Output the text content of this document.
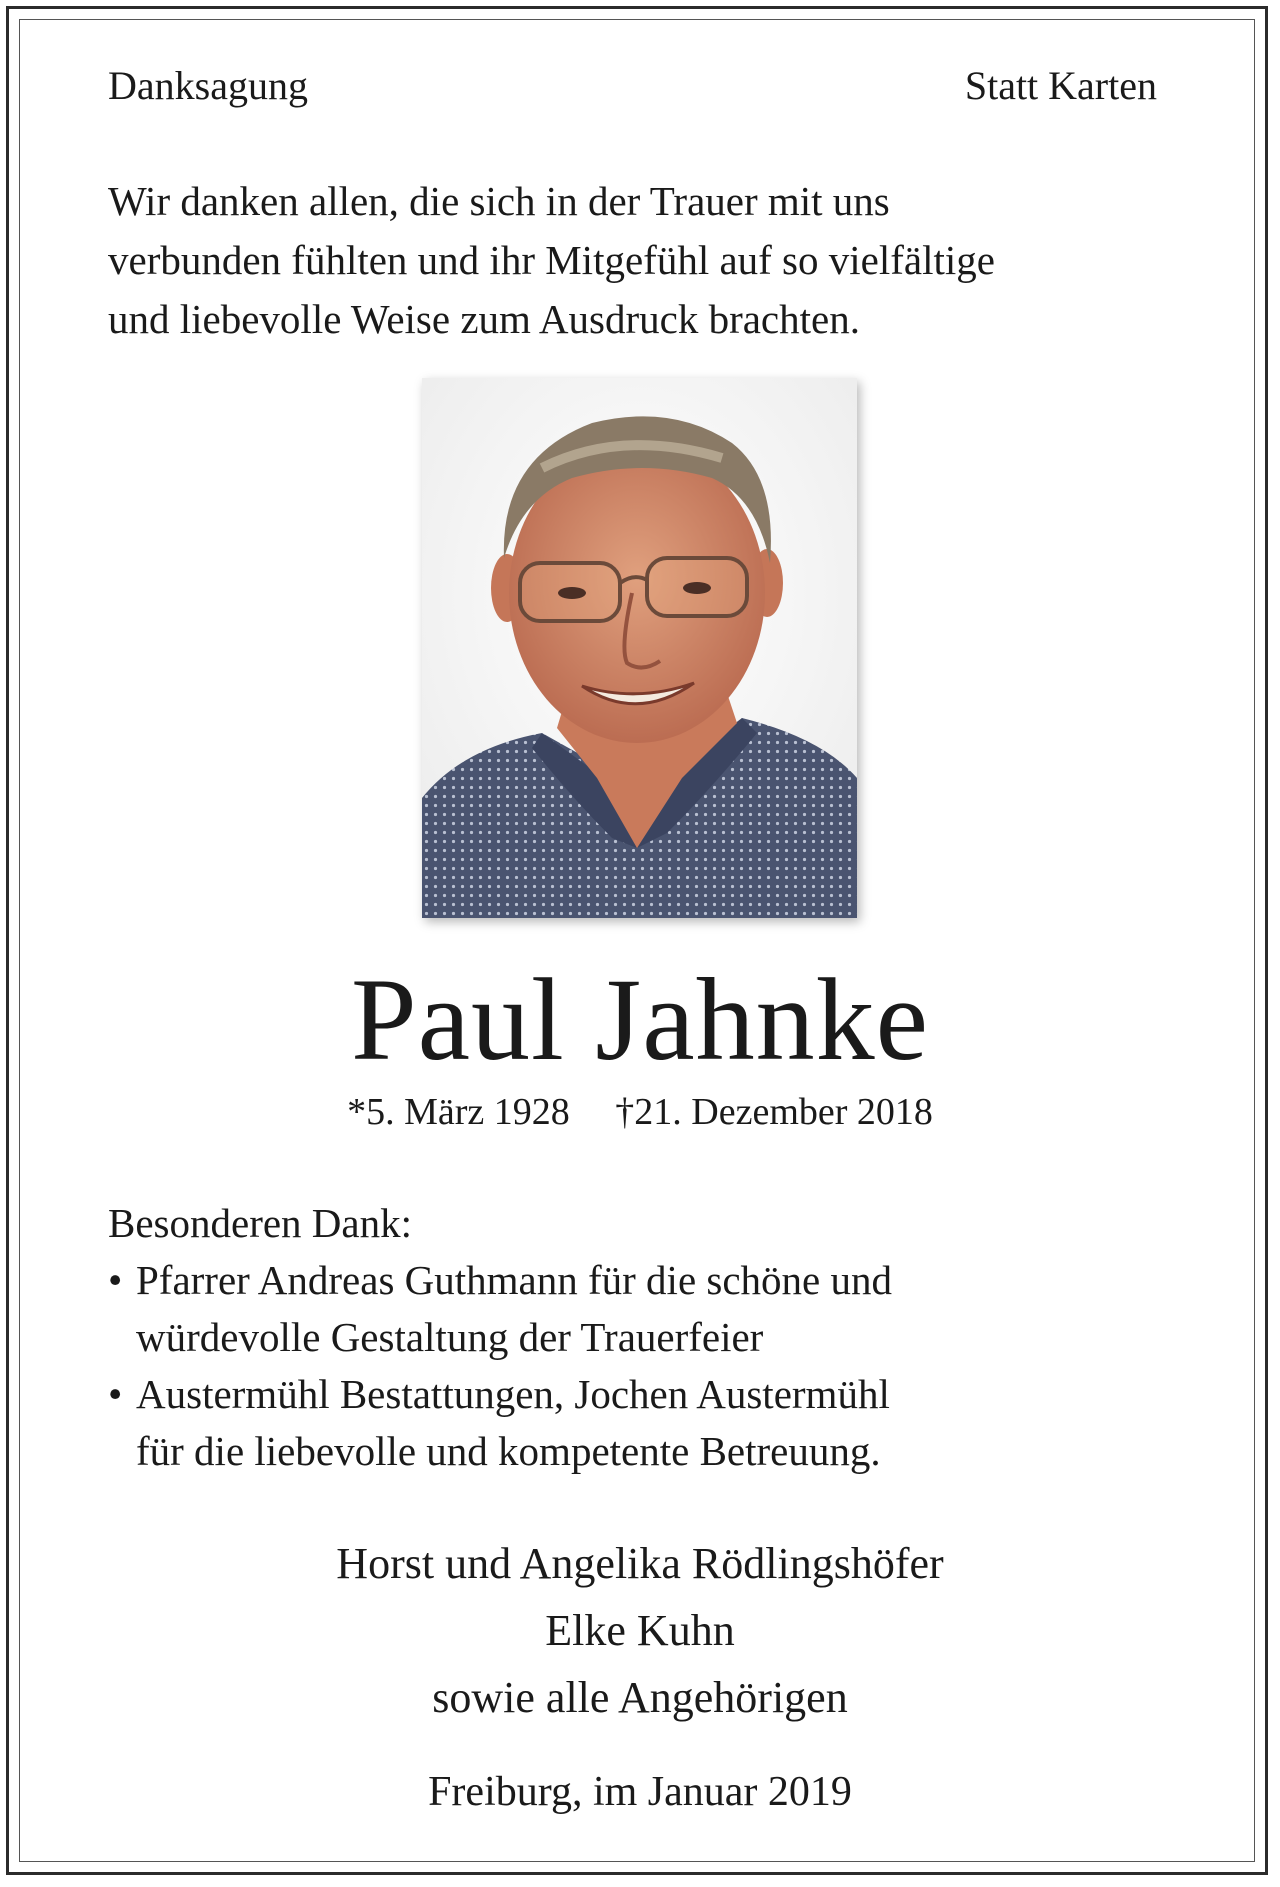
Danksagung	Statt Karten
Wir danken allen, die sich in der Trauer mit uns
verbunden fühlten und ihr Mitgefühl auf so vielfältige
und liebevolle Weise zum Ausdruck brachten.
Paul Jahnke
*5. März 1928 †21. Dezember 2018
Besonderen Dank:
• Pfarrer Andreas Guthmann für die schöne und
würdevolle Gestaltung der Trauerfeier
• Austermühl Bestattungen, Jochen Austermühl
für die liebevolle und kompetente Betreuung.
Horst und Angelika Rödlingshöfer
Elke Kuhn
sowie alle Angehörigen
Freiburg, im Januar 2019
